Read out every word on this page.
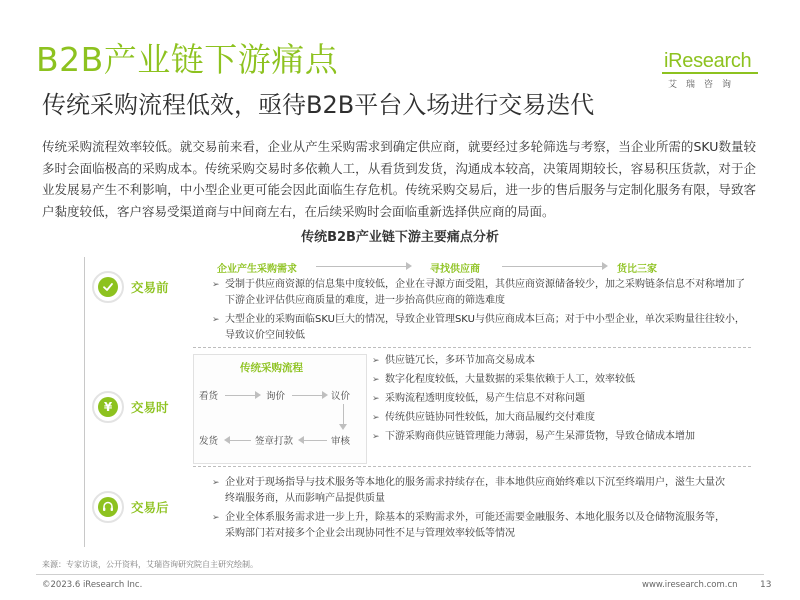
B2B产业链下游痛点
传统采购流程低效，亟待B2B平台入场进行交易迭代
iResearch
艾瑞咨询
传统采购流程效率较低。就交易前来看，企业从产生采购需求到确定供应商，就要经过多轮筛选与考察，当企业所需的SKU数量较多时会面临极高的采购成本。传统采购交易时多依赖人工，从看货到发货，沟通成本较高，决策周期较长，容易积压货款，对于企业发展易产生不利影响，中小型企业更可能会因此面临生存危机。传统采购交易后，进一步的售后服务与定制化服务有限，导致客户黏度较低，客户容易受渠道商与中间商左右，在后续采购时会面临重新选择供应商的局面。
传统B2B产业链下游主要痛点分析
交易前
¥ 交易时
交易后
企业产生采购需求	寻找供应商	货比三家
➢ 受制于供应商资源的信息集中度较低，企业在寻源方面受阻，其供应商资源储备较少，加之采购链条信息不对称增加了下游企业评估供应商质量的难度，进一步抬高供应商的筛选难度
➢ 大型企业的采购面临SKU巨大的情况，导致企业管理SKU与供应商成本巨高；对于中小型企业，单次采购量往往较小，导致议价空间较低
传统采购流程
看货	询价	议价
审核
签章打款
发货
➢ 供应链冗长，多环节加高交易成本
➢ 数字化程度较低，大量数据的采集依赖于人工，效率较低
➢ 采购流程透明度较低，易产生信息不对称问题
➢ 传统供应链协同性较低，加大商品履约交付难度
➢ 下游采购商供应链管理能力薄弱，易产生呆滞货物，导致仓储成本增加
➢ 企业对于现场指导与技术服务等本地化的服务需求持续存在，非本地供应商始终难以下沉至终端用户，滋生大量次终端服务商，从而影响产品提供质量
➢ 企业全体系服务需求进一步上升，除基本的采购需求外，可能还需要金融服务、本地化服务以及仓储物流服务等，采购部门若对接多个企业会出现协同性不足与管理效率较低等情况
来源：专家访谈，公开资料，艾瑞咨询研究院自主研究绘制。
©2023.6 iResearch Inc.	www.iresearch.com.cn 13
